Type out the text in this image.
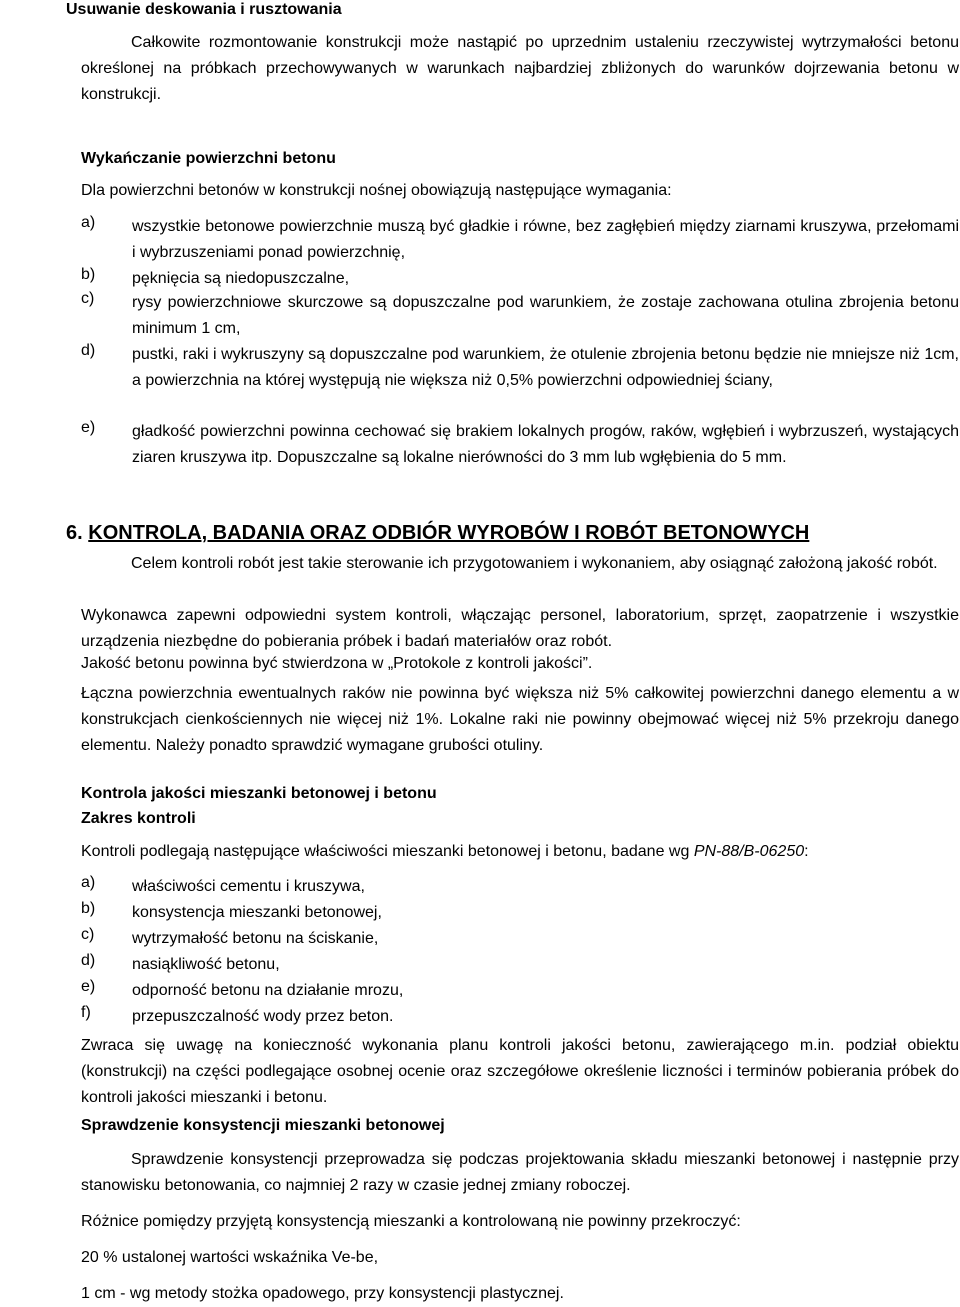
Usuwanie deskowania i rusztowania
Całkowite rozmontowanie konstrukcji może nastąpić po uprzednim ustaleniu rzeczywistej wytrzymałości betonu określonej na próbkach przechowywanych w warunkach najbardziej zbliżonych do warunków dojrzewania betonu w konstrukcji.
Wykańczanie powierzchni betonu
Dla powierzchni betonów w konstrukcji nośnej obowiązują następujące wymagania:
a) wszystkie betonowe powierzchnie muszą być gładkie i równe, bez zagłębień między ziarnami kruszywa, przełomami i wybrzuszeniami ponad powierzchnię,
b) pęknięcia są niedopuszczalne,
c) rysy powierzchniowe skurczowe są dopuszczalne pod warunkiem, że zostaje zachowana otulina zbrojenia betonu minimum 1 cm,
d) pustki, raki i wykruszyny są dopuszczalne pod warunkiem, że otulenie zbrojenia betonu będzie nie mniejsze niż 1cm, a powierzchnia na której występują nie większa niż 0,5% powierzchni odpowiedniej ściany,
e) gładkość powierzchni powinna cechować się brakiem lokalnych progów, raków, wgłębień i wybrzuszeń, wystających ziaren kruszywa itp. Dopuszczalne są lokalne nierówności do 3 mm lub wgłębienia do 5 mm.
6. KONTROLA, BADANIA ORAZ ODBIÓR WYROBÓW I ROBÓT BETONOWYCH
Celem kontroli robót jest takie sterowanie ich przygotowaniem i wykonaniem, aby osiągnąć założoną jakość robót.
Wykonawca zapewni odpowiedni system kontroli, włączając personel, laboratorium, sprzęt, zaopatrzenie i wszystkie urządzenia niezbędne do pobierania próbek i badań materiałów oraz robót.
Jakość betonu powinna być stwierdzona w „Protokole z kontroli jakości”.
Łączna powierzchnia ewentualnych raków nie powinna być większa niż 5% całkowitej powierzchni danego elementu a w konstrukcjach cienkościennych nie więcej niż 1%. Lokalne raki nie powinny obejmować więcej niż 5% przekroju danego elementu. Należy ponadto sprawdzić wymagane grubości otuliny.
Kontrola jakości mieszanki betonowej i betonu
Zakres kontroli
Kontroli podlegają następujące właściwości mieszanki betonowej i betonu, badane wg PN-88/B-06250:
a) właściwości cementu i kruszywa,
b) konsystencja mieszanki betonowej,
c) wytrzymałość betonu na ściskanie,
d) nasiąkliwość betonu,
e) odporność betonu na działanie mrozu,
f)	przepuszczalność wody przez beton.
Zwraca się uwagę na konieczność wykonania planu kontroli jakości betonu, zawierającego m.in. podział obiektu (konstrukcji) na części podlegające osobnej ocenie oraz szczegółowe określenie liczności i terminów pobierania próbek do kontroli jakości mieszanki i betonu.
Sprawdzenie konsystencji mieszanki betonowej
Sprawdzenie konsystencji przeprowadza się podczas projektowania składu mieszanki betonowej i następnie przy stanowisku betonowania, co najmniej 2 razy w czasie jednej zmiany roboczej.
Różnice pomiędzy przyjętą konsystencją mieszanki a kontrolowaną nie powinny przekroczyć:
20 % ustalonej wartości wskaźnika Ve-be,
1 cm - wg metody stożka opadowego, przy konsystencji plastycznej.
